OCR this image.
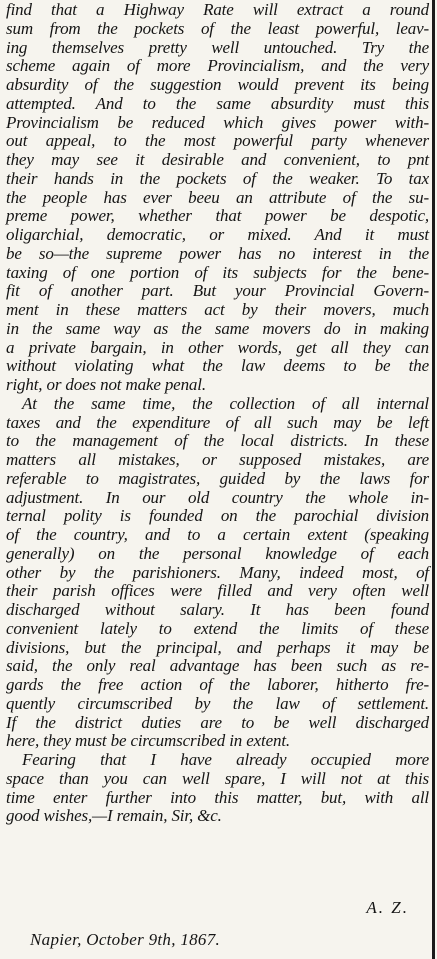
find that a Highway Rate will extract a round
sum from the pockets of the least powerful, leav-
ing themselves pretty well untouched. Try the
scheme again of more Provincialism, and the very
absurdity of the suggestion would prevent its being
attempted. And to the same absurdity must this
Provincialism be reduced which gives power with-
out appeal, to the most powerful party whenever
they may see it desirable and convenient, to pnt
their hands in the pockets of the weaker. To tax
the people has ever beeu an attribute of the su-
preme power, whether that power be despotic,
oligarchial, democratic, or mixed. And it must
be so—the supreme power has no interest in the
taxing of one portion of its subjects for the bene-
fit of another part. But your Provincial Govern-
ment in these matters act by their movers, much
in the same way as the same movers do in making
a private bargain, in other words, get all they can
without violating what the law deems to be the
right, or does not make penal.
At the same time, the collection of all internal
taxes and the expenditure of all such may be left
to the management of the local districts. In these
matters all mistakes, or supposed mistakes, are
referable to magistrates, guided by the laws for
adjustment. In our old country the whole in-
ternal polity is founded on the parochial division
of the country, and to a certain extent (speaking
generally) on the personal knowledge of each
other by the parishioners. Many, indeed most, of
their parish offices were filled and very often well
discharged without salary. It has been found
convenient lately to extend the limits of these
divisions, but the principal, and perhaps it may be
said, the only real advantage has been such as re-
gards the free action of the laborer, hitherto fre-
quently circumscribed by the law of settlement.
If the district duties are to be well discharged
here, they must be circumscribed in extent.
Fearing that I have already occupied more
space than you can well spare, I will not at this
time enter further into this matter, but, with all
good wishes,—I remain, Sir, &c.
A. Z.
Napier, October 9th, 1867.
